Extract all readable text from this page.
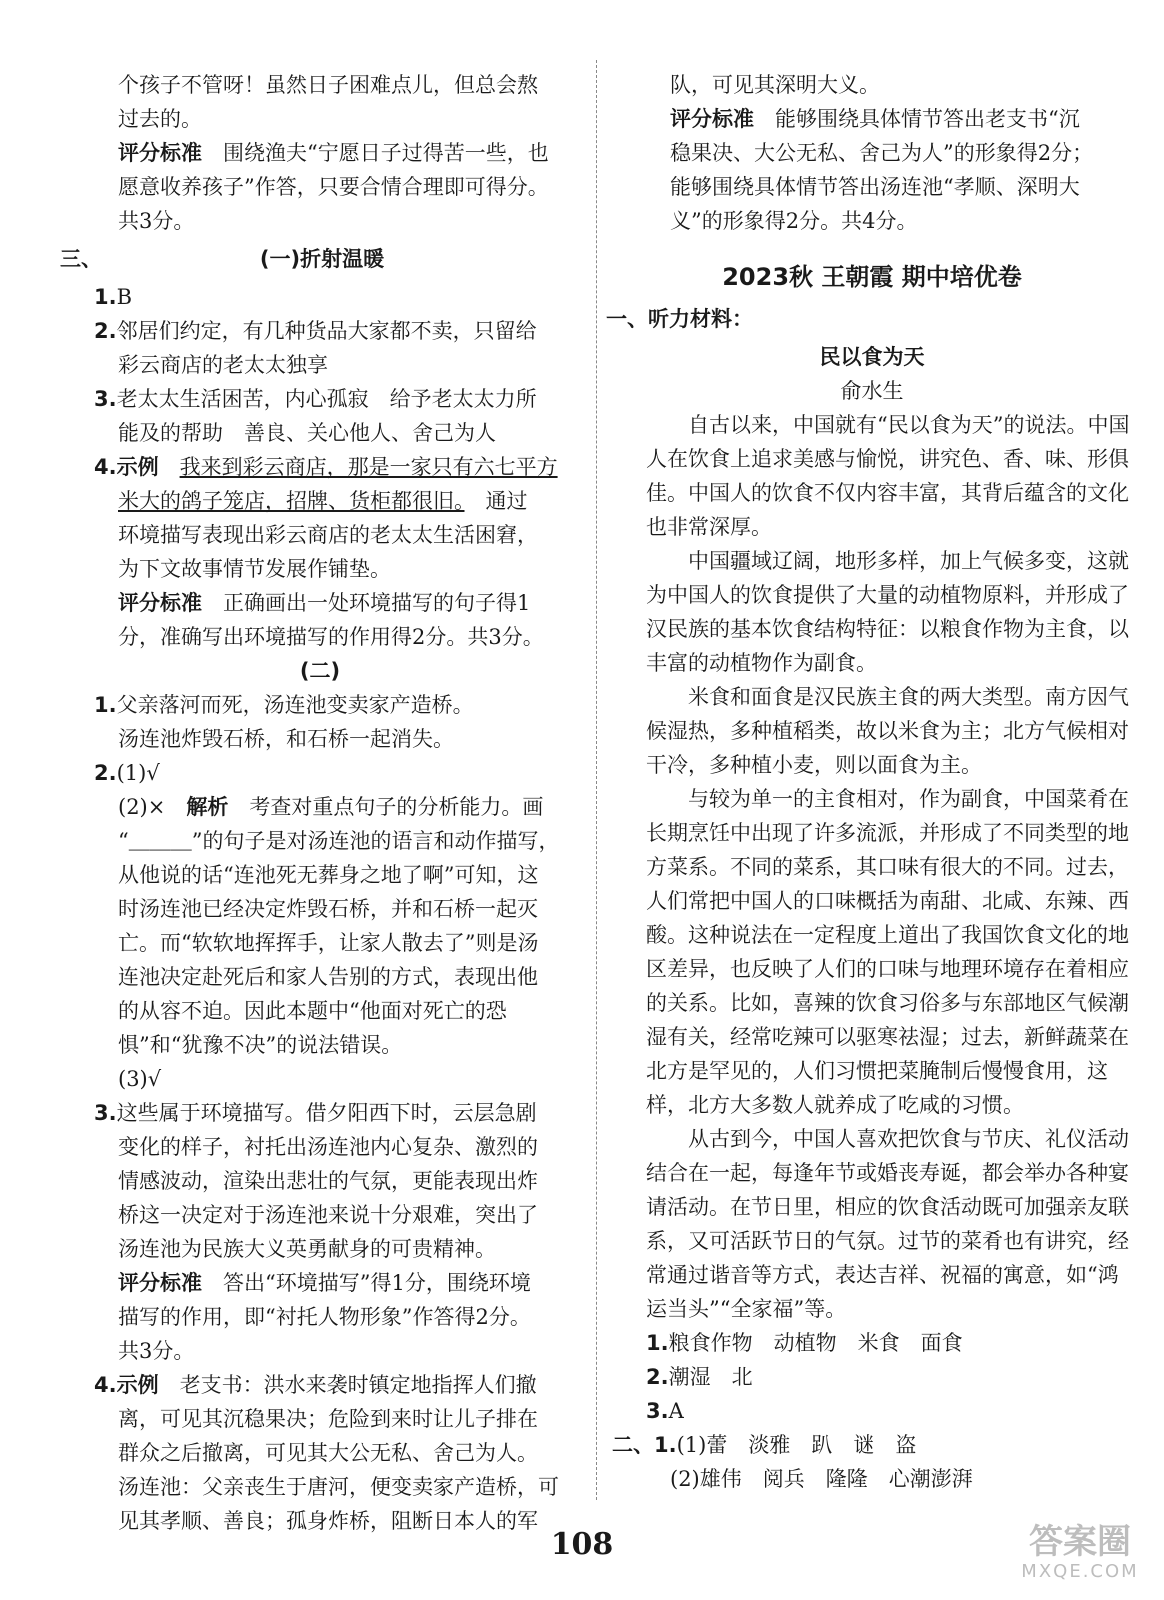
个孩子不管呀！虽然日子困难点儿，但总会熬

过去的。

评分标准　 围绕渔夫“宁愿日子过得苦一些，也

愿意收养孩子”作答，只要合情合理即可得分。

共3分。

三、	(一)折射温暖

1.B

2.邻居们约定，有几种货品大家都不卖，只留给

彩云商店的老太太独享

3.老太太生活困苦，内心孤寂　给予老太太力所

能及的帮助　善良、关心他人、舍己为人

4.示例　 我来到彩云商店，那是一家只有六七平方

米大的鸽子笼店，招牌、货柜都很旧。　 通过

环境描写表现出彩云商店的老太太生活困窘，

为下文故事情节发展作铺垫。

评分标准　 正确画出一处环境描写的句子得1

分，准确写出环境描写的作用得2分。共3分。

(二)

1.父亲落河而死，汤连池变卖家产造桥。

汤连池炸毁石桥，和石桥一起消失。

2.(1)√

(2)×　 解析　 考查对重点句子的分析能力。画

“＿＿＿”的句子是对汤连池的语言和动作描写，

从他说的话“连池死无葬身之地了啊”可知，这

时汤连池已经决定炸毁石桥，并和石桥一起灭

亡。而“软软地挥挥手，让家人散去了”则是汤

连池决定赴死后和家人告别的方式，表现出他

的从容不迫。因此本题中“他面对死亡的恐

惧”和“犹豫不决”的说法错误。

(3)√

3.这些属于环境描写。借夕阳西下时，云层急剧

变化的样子，衬托出汤连池内心复杂、激烈的

情感波动，渲染出悲壮的气氛，更能表现出炸

桥这一决定对于汤连池来说十分艰难，突出了

汤连池为民族大义英勇献身的可贵精神。

评分标准　 答出“环境描写”得1分，围绕环境

描写的作用，即“衬托人物形象”作答得2分。

共3分。

4.示例　 老支书：洪水来袭时镇定地指挥人们撤

离，可见其沉稳果决；危险到来时让儿子排在

群众之后撤离，可见其大公无私、舍己为人。

汤连池：父亲丧生于唐河，便变卖家产造桥，可

见其孝顺、善良；孤身炸桥，阻断日本人的军

队，可见其深明大义。

评分标准　 能够围绕具体情节答出老支书“沉

稳果决、大公无私、舍己为人”的形象得2分；

能够围绕具体情节答出汤连池“孝顺、深明大

义”的形象得2分。共4分。

2023秋 王朝霞 期中培优卷

一、听力材料：

民以食为天

俞水生

自古以来，中国就有“民以食为天”的说法。中国人在饮食上追求美感与愉悦，讲究色、香、味、形俱佳。中国人的饮食不仅内容丰富，其背后蕴含的文化也非常深厚。

中国疆域辽阔，地形多样，加上气候多变，这就为中国人的饮食提供了大量的动植物原料，并形成了汉民族的基本饮食结构特征：以粮食作物为主食，以丰富的动植物作为副食。

米食和面食是汉民族主食的两大类型。南方因气候湿热，多种植稻类，故以米食为主；北方气候相对干冷，多种植小麦，则以面食为主。

与较为单一的主食相对，作为副食，中国菜肴在长期烹饪中出现了许多流派，并形成了不同类型的地方菜系。不同的菜系，其口味有很大的不同。过去，人们常把中国人的口味概括为南甜、北咸、东辣、西酸。这种说法在一定程度上道出了我国饮食文化的地区差异，也反映了人们的口味与地理环境存在着相应的关系。比如，喜辣的饮食习俗多与东部地区气候潮湿有关，经常吃辣可以驱寒祛湿；过去，新鲜蔬菜在北方是罕见的，人们习惯把菜腌制后慢慢食用，这样，北方大多数人就养成了吃咸的习惯。

从古到今，中国人喜欢把饮食与节庆、礼仪活动结合在一起，每逢年节或婚丧寿诞，都会举办各种宴请活动。在节日里，相应的饮食活动既可加强亲友联系，又可活跃节日的气氛。过节的菜肴也有讲究，经常通过谐音等方式，表达吉祥、祝福的寓意，如“鸿运当头”“全家福”等。

1.粮食作物　动植物　米食　面食

2.潮湿　北

3.A

二、1.(1)蕾　淡雅　趴　谜　盗

(2)雄伟　阅兵　隆隆　心潮澎湃

108	答案圈
MXQE.COM
